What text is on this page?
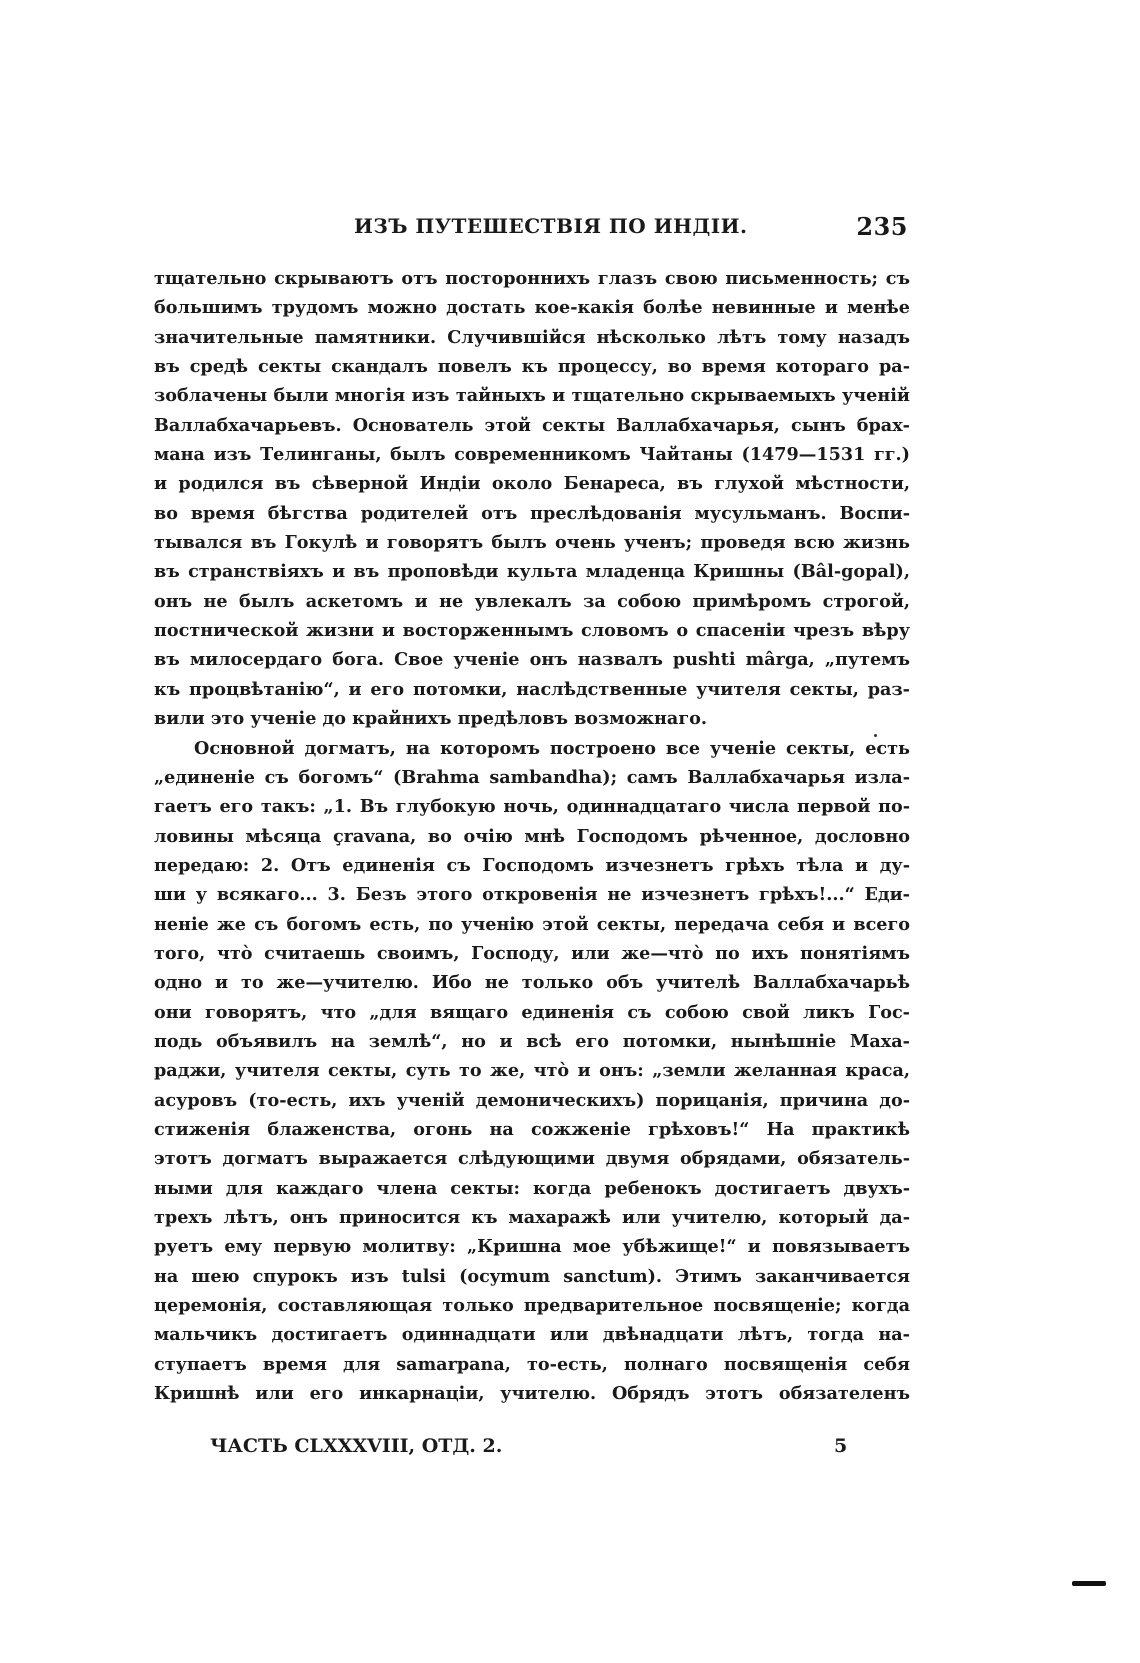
ИЗЪ ПУТЕШЕСТВІЯ ПО ИНДІИ.	235
тщательно скрываютъ отъ постороннихъ глазъ свою письменность; съ
большимъ трудомъ можно достать кое-какія болѣе невинные и менѣе
значительные памятники. Случившійся нѣсколько лѣтъ тому назадъ
въ средѣ секты скандалъ повелъ къ процессу, во время котораго ра-
зоблачены были многія изъ тайныхъ и тщательно скрываемыхъ ученій
Валлабхачарьевъ. Основатель этой секты Валлабхачарья, сынъ брах-
мана изъ Телинганы, былъ современникомъ Чайтаны (1479—1531 гг.)
и родился въ сѣверной Индіи около Бенареса, въ глухой мѣстности,
во время бѣгства родителей отъ преслѣдованія мусульманъ. Воспи-
тывался въ Гокулѣ и говорятъ былъ очень ученъ; проведя всю жизнь
въ странствіяхъ и въ проповѣди культа младенца Кришны (Bâl-gopal),
онъ не былъ аскетомъ и не увлекалъ за собою примѣромъ строгой,
постнической жизни и восторженнымъ словомъ о спасеніи чрезъ вѣру
въ милосердаго бога. Свое ученіе онъ назвалъ pushti mârga, „путемъ
къ процвѣтанію“, и его потомки, наслѣдственные учителя секты, раз-
вили это ученіе до крайнихъ предѣловъ возможнаго.
Основной догматъ, на которомъ построено все ученіе секты, есть
„единеніе съ богомъ“ (Brahma sambandha); самъ Валлабхачарья изла-
гаетъ его такъ: „1. Въ глубокую ночь, одиннадцатаго числа первой по-
ловины мѣсяца çravana, во очію мнѣ Господомъ рѣченное, дословно
передаю: 2. Отъ единенія съ Господомъ изчезнетъ грѣхъ тѣла и ду-
ши у всякаго... 3. Безъ этого откровенія не изчезнетъ грѣхъ!...“ Еди-
неніе же съ богомъ есть, по ученію этой секты, передача себя и всего
того, что̀ считаешь своимъ, Господу, или же—что̀ по ихъ понятіямъ
одно и то же—учителю. Ибо не только объ учителѣ Валлабхачарьѣ
они говорятъ, что „для вящаго единенія съ собою свой ликъ Гос-
подь объявилъ на землѣ“, но и всѣ его потомки, нынѣшніе Маха-
раджи, учителя секты, суть то же, что̀ и онъ: „земли желанная краса,
асуровъ (то-есть, ихъ ученій демоническихъ) порицанія, причина до-
стиженія блаженства, огонь на сожженіе грѣховъ!“ На практикѣ
этотъ догматъ выражается слѣдующими двумя обрядами, обязатель-
ными для каждаго члена секты: когда ребенокъ достигаетъ двухъ-
трехъ лѣтъ, онъ приносится къ махаражѣ или учителю, который да-
руетъ ему первую молитву: „Кришна мое убѣжище!“ и повязываетъ
на шею спурокъ изъ tulsi (ocymum sanctum). Этимъ заканчивается
церемонія, составляющая только предварительное посвященіе; когда
мальчикъ достигаетъ одиннадцати или двѣнадцати лѣтъ, тогда на-
ступаетъ время для samarpana, то-есть, полнаго посвященія себя
Кришнѣ или его инкарнаціи, учителю. Обрядъ этотъ обязателенъ
ЧАСТЬ CLXXXVIII, ОТД. 2.	5
